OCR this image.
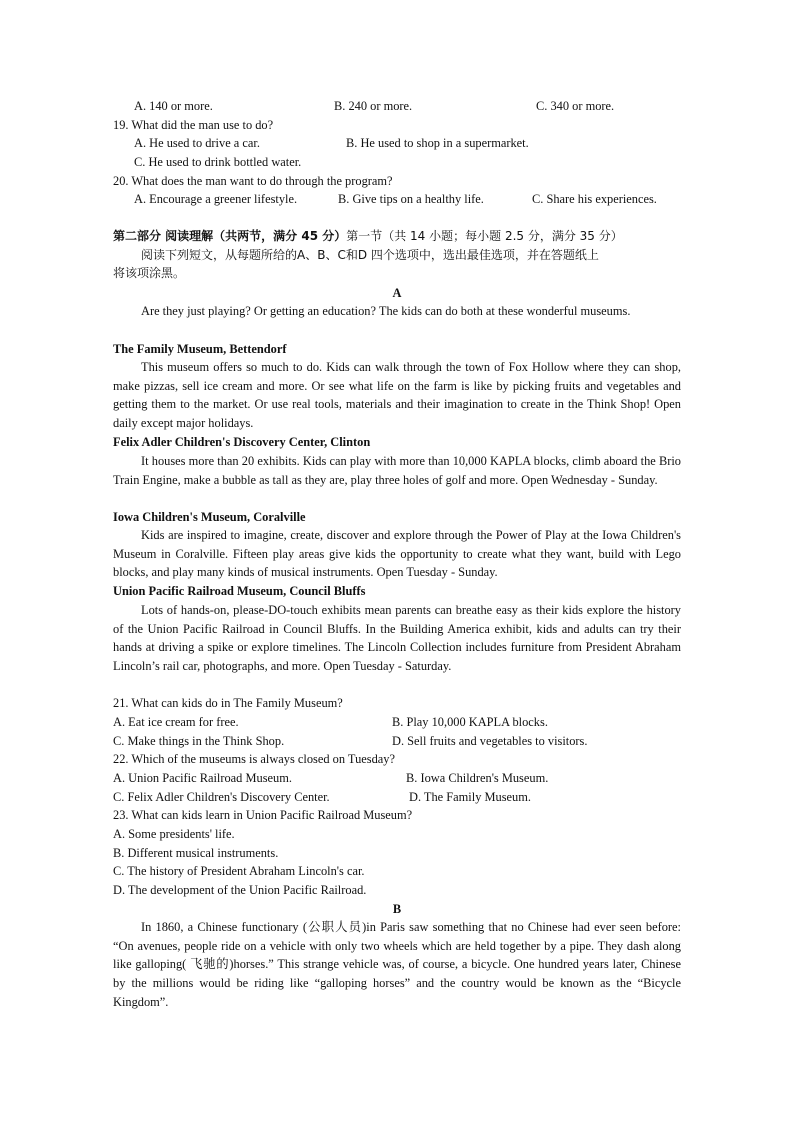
A. 140 or more.	B. 240 or more.	C. 340 or more.
19. What did the man use to do?
A. He used to drive a car.	B. He used to shop in a supermarket.
C. He used to drink bottled water.
20. What does the man want to do through the program?
A. Encourage a greener lifestyle.	B. Give tips on a healthy life.	C. Share his experiences.
第二部分 阅读理解（共两节，满分 45 分）第一节（共 14 小题；每小题 2.5 分，满分 35 分）
阅读下列短文，从每题所给的A、B、C和D 四个选项中，选出最佳选项，并在答题纸上
将该项涂黑。
A
Are they just playing? Or getting an education? The kids can do both at these wonderful museums.
The Family Museum, Bettendorf
This museum offers so much to do. Kids can walk through the town of Fox Hollow where they can shop, make pizzas, sell ice cream and more. Or see what life on the farm is like by picking fruits and vegetables and getting them to the market. Or use real tools, materials and their imagination to create in the Think Shop! Open daily except major holidays.
Felix Adler Children's Discovery Center, Clinton
It houses more than 20 exhibits. Kids can play with more than 10,000 KAPLA blocks, climb aboard the Brio Train Engine, make a bubble as tall as they are, play three holes of golf and more. Open Wednesday - Sunday.
Iowa Children's Museum, Coralville
Kids are inspired to imagine, create, discover and explore through the Power of Play at the Iowa Children's Museum in Coralville. Fifteen play areas give kids the opportunity to create what they want, build with Lego blocks, and play many kinds of musical instruments. Open Tuesday - Sunday.
Union Pacific Railroad Museum, Council Bluffs
Lots of hands-on, please-DO-touch exhibits mean parents can breathe easy as their kids explore the history of the Union Pacific Railroad in Council Bluffs. In the Building America exhibit, kids and adults can try their hands at driving a spike or explore timelines. The Lincoln Collection includes furniture from President Abraham Lincoln’s rail car, photographs, and more. Open Tuesday - Saturday.
21. What can kids do in The Family Museum?
A. Eat ice cream for free.	B. Play 10,000 KAPLA blocks.
C. Make things in the Think Shop.	D. Sell fruits and vegetables to visitors.
22. Which of the museums is always closed on Tuesday?
A. Union Pacific Railroad Museum.	B. Iowa Children's Museum.
C. Felix Adler Children's Discovery Center.	D. The Family Museum.
23. What can kids learn in Union Pacific Railroad Museum?
A. Some presidents' life.
B. Different musical instruments.
C. The history of President Abraham Lincoln's car.
D. The development of the Union Pacific Railroad.
B
In 1860, a Chinese functionary (公职人员)in Paris saw something that no Chinese had ever seen before: “On avenues, people ride on a vehicle with only two wheels which are held together by a pipe. They dash along like galloping( 飞驰的)horses.” This strange vehicle was, of course, a bicycle. One hundred years later, Chinese by the millions would be riding like “galloping horses” and the country would be known as the “Bicycle Kingdom”.
